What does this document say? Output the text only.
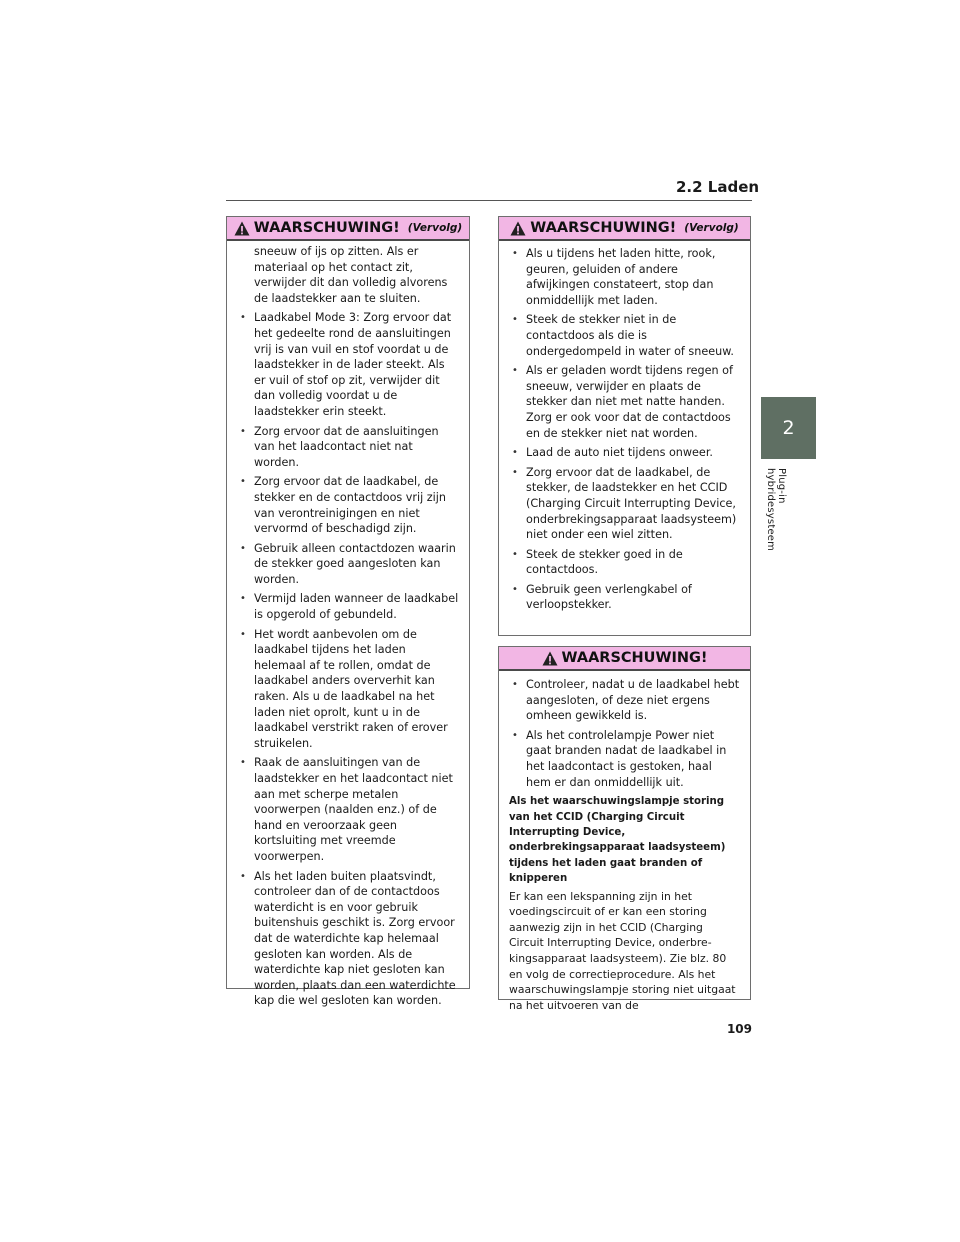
2.2 Laden
2
Plug-in hybridesysteem
WAARSCHUWING! (Vervolg)
sneeuw of ijs op zitten. Als er materiaal op het contact zit, verwijder dit dan volledig alvorens de laadstekker aan te sluiten.
• Laadkabel Mode 3: Zorg ervoor dat het gedeelte rond de aansluitingen vrij is van vuil en stof voordat u de laadstekker in de lader steekt. Als er vuil of stof op zit, verwijder dit dan volledig voordat u de laadstekker erin steekt.
• Zorg ervoor dat de aansluitingen van het laadcontact niet nat worden.
• Zorg ervoor dat de laadkabel, de stekker en de contactdoos vrij zijn van verontreinigingen en niet vervormd of beschadigd zijn.
• Gebruik alleen contactdozen waarin de stekker goed aangesloten kan worden.
• Vermijd laden wanneer de laadkabel is opgerold of gebundeld.
• Het wordt aanbevolen om de laadkabel tijdens het laden helemaal af te rollen, omdat de laadkabel anders oververhit kan raken. Als u de laadkabel na het laden niet oprolt, kunt u in de laadkabel verstrikt raken of erover struikelen.
• Raak de aansluitingen van de laadstekker en het laadcontact niet aan met scherpe metalen voorwerpen (naalden enz.) of de hand en veroorzaak geen kortsluiting met vreemde voorwerpen.
• Als het laden buiten plaatsvindt, controleer dan of de contactdoos waterdicht is en voor gebruik buitenshuis geschikt is. Zorg ervoor dat de waterdichte kap helemaal gesloten kan worden. Als de waterdichte kap niet gesloten kan worden, plaats dan een waterdichte kap die wel gesloten kan worden.
WAARSCHUWING! (Vervolg)
• Als u tijdens het laden hitte, rook, geuren, geluiden of andere afwijkingen constateert, stop dan onmiddellijk met laden.
• Steek de stekker niet in de contactdoos als die is ondergedompeld in water of sneeuw.
• Als er geladen wordt tijdens regen of sneeuw, verwijder en plaats de stekker dan niet met natte handen. Zorg er ook voor dat de contactdoos en de stekker niet nat worden.
• Laad de auto niet tijdens onweer.
• Zorg ervoor dat de laadkabel, de stekker, de laadstekker en het CCID (Charging Circuit Interrupting Device, onderbrekingsapparaat laadsysteem) niet onder een wiel zitten.
• Steek de stekker goed in de contactdoos.
• Gebruik geen verlengkabel of verloopstekker.
WAARSCHUWING!
• Controleer, nadat u de laadkabel hebt aangesloten, of deze niet ergens omheen gewikkeld is.
• Als het controlelampje Power niet gaat branden nadat de laadkabel in het laadcontact is gestoken, haal hem er dan onmiddellijk uit.
Als het waarschuwingslampje storing van het CCID (Charging Circuit Interrupting Device, onderbrekingsapparaat laadsysteem) tijdens het laden gaat branden of knipperen
Er kan een lekspanning zijn in het voedingscircuit of er kan een storing aanwezig zijn in het CCID (Charging Circuit Interrupting Device, onderbre-kingsapparaat laadsysteem). Zie blz. 80 en volg de correctieprocedure. Als het waarschuwingslampje storing niet uitgaat na het uitvoeren van de
109
